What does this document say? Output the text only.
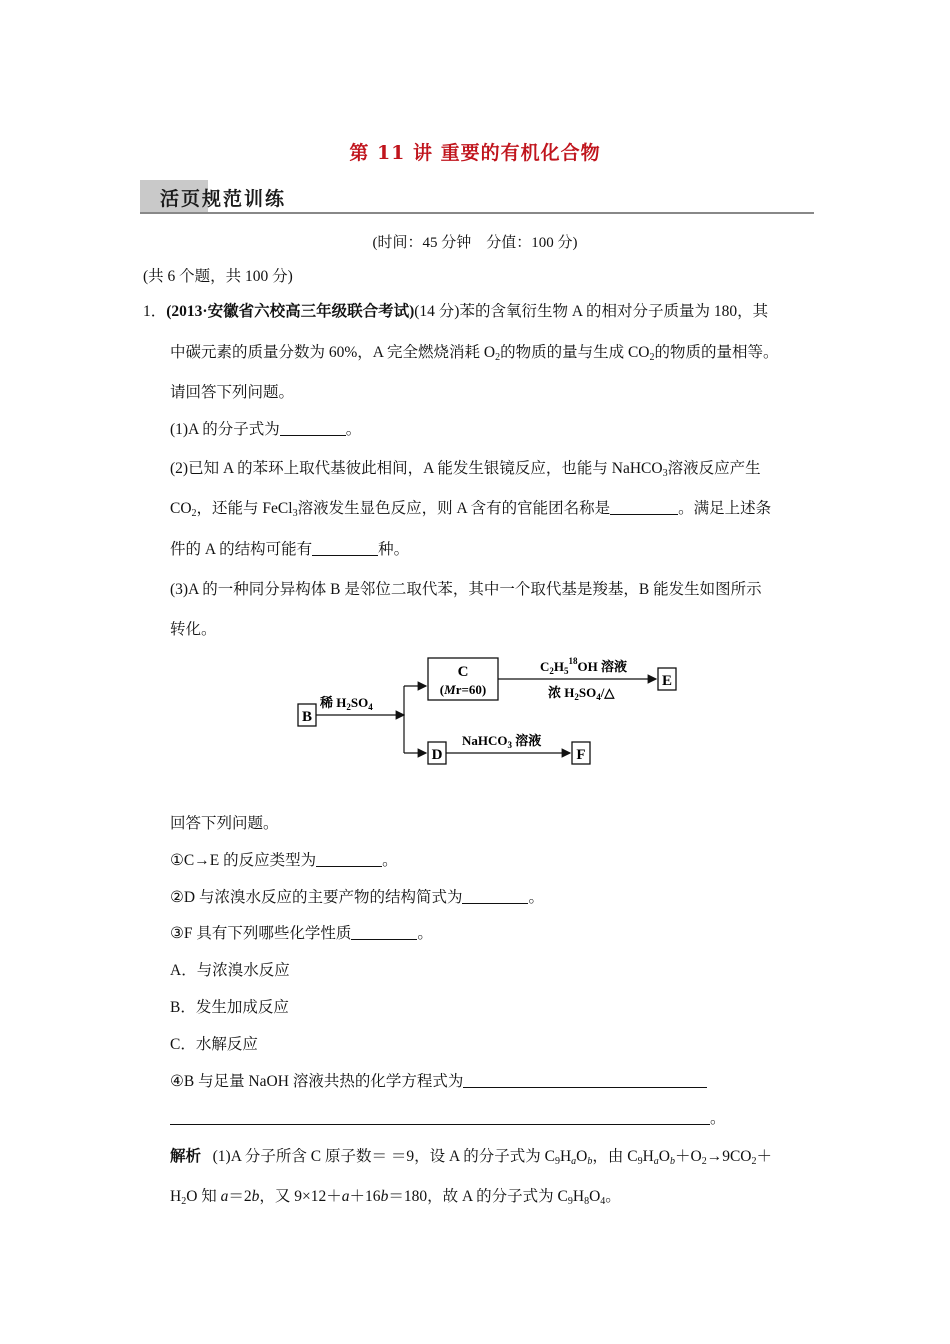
第 11 讲 重要的有机化合物
活页规范训练
(时间：45 分钟　分值：100 分)
(共 6 个题，共 100 分)
1．(2013·安徽省六校高三年级联合考试)(14 分)苯的含氧衍生物 A 的相对分子质量为 180，其
中碳元素的质量分数为 60%，A 完全燃烧消耗 $O_2$的物质的量与生成 $CO_2$的物质的量相等。
请回答下列问题。
(1)A 的分子式为	。
(2)已知 A 的苯环上取代基彼此相间，A 能发生银镜反应，也能与 NaHCO$_3$溶液反应产生
$CO_2$，还能与 FeCl$_3$溶液发生显色反应，则 A 含有的官能团名称是	。满足上述条
件的 A 的结构可能有	种。
(3)A 的一种同分异构体 B 是邻位二取代苯，其中一个取代基是羧基，B 能发生如图所示
转化。
B
稀 $H_2SO_4$
C
(Mr=60)
$C_2H_5^{18}OH$ 溶液
浓 $H_2SO_4/\triangle$
E
D
NaHCO$_3$ 溶液
F
回答下列问题。
①C→E 的反应类型为	。
②D 与浓溴水反应的主要产物的结构简式为	。
③F 具有下列哪些化学性质	。
A．与浓溴水反应
B．发生加成反应
C．水解反应
④B 与足量 NaOH 溶液共热的化学方程式为
。
解析 (1)A 分子所含 C 原子数＝ ＝9，设 A 的分子式为 $C_9H_aO_b$，由 $C_9H_aO_b+O_2\to 9CO_2+$
$H_2O$ 知 a＝2b，又 9×12＋a＋16b＝180，故 A 的分子式为 $C_9H_8O_4$。
